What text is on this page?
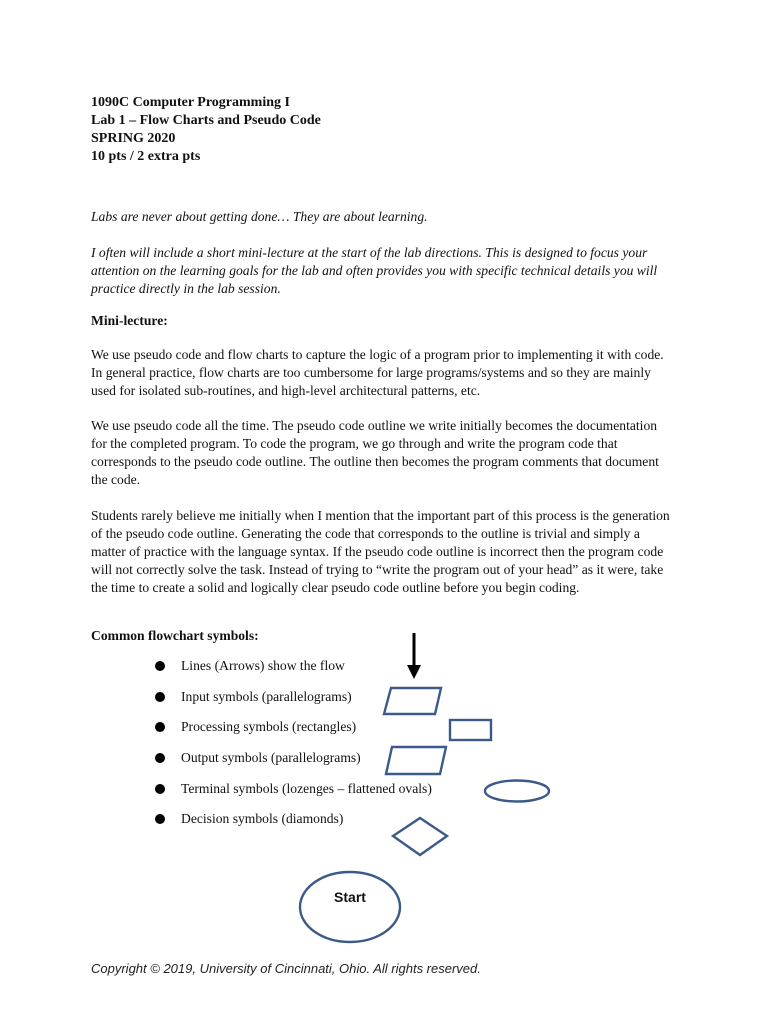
1090C Computer Programming I
Lab 1 – Flow Charts and Pseudo Code
SPRING 2020
10 pts / 2 extra pts
Labs are never about getting done… They are about learning.
I often will include a short mini-lecture at the start of the lab directions. This is designed to focus your attention on the learning goals for the lab and often provides you with specific technical details you will practice directly in the lab session.
Mini-lecture:
We use pseudo code and flow charts to capture the logic of a program prior to implementing it with code. In general practice, flow charts are too cumbersome for large programs/systems and so they are mainly used for isolated sub-routines, and high-level architectural patterns, etc.
We use pseudo code all the time. The pseudo code outline we write initially becomes the documentation for the completed program. To code the program, we go through and write the program code that corresponds to the pseudo code outline. The outline then becomes the program comments that document the code.
Students rarely believe me initially when I mention that the important part of this process is the generation of the pseudo code outline. Generating the code that corresponds to the outline is trivial and simply a matter of practice with the language syntax. If the pseudo code outline is incorrect then the program code will not correctly solve the task. Instead of trying to “write the program out of your head” as it were, take the time to create a solid and logically clear pseudo code outline before you begin coding.
Common flowchart symbols:
Lines (Arrows) show the flow
Input symbols (parallelograms)
Processing symbols (rectangles)
Output symbols (parallelograms)
Terminal symbols (lozenges – flattened ovals)
Decision symbols (diamonds)
Start
Copyright © 2019, University of Cincinnati, Ohio. All rights reserved.
